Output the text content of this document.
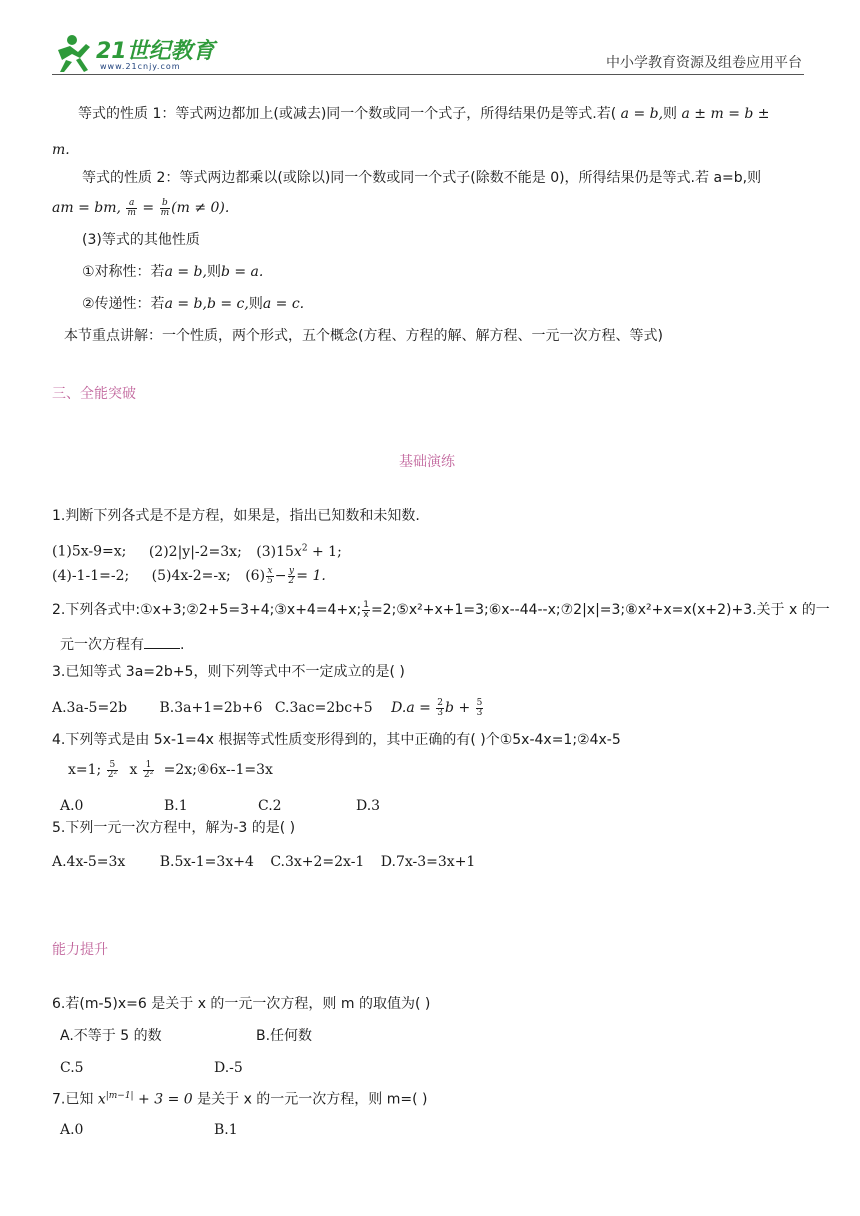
21世纪教育
www.21cnjy.com	中小学教育资源及组卷应用平台
等式的性质 1：等式两边都加上(或减去)同一个数或同一个式子，所得结果仍是等式.若( a = b,则 a ± m = b ±
m.
等式的性质 2：等式两边都乘以(或除以)同一个数或同一个式子(除数不能是 0)，所得结果仍是等式.若 a=b,则
am = bm, $\frac{a}{m} = \frac{b}{m} (m \ne 0)$.
(3)等式的其他性质
①对称性：若a = b,则b = a.
②传递性：若a = b,b = c,则a = c.
本节重点讲解：一个性质，两个形式，五个概念(方程、方程的解、解方程、一元一次方程、等式)
三、全能突破
基础演练
1.判断下列各式是不是方程，如果是，指出已知数和未知数.
(1)5x-9=x; (2)2|y|-2=3x; $(3)15x^2 + 1$;
(4)-1-1=-2; (5)4x-2=-x; $(6) \frac{x}{5} - \frac{y}{2} = 1$.
2.下列各式中:①x+3;②2+5=3+4;③x+4=4+x; $\frac{1}{x}$ =2;⑤x²+x+1=3;⑥x--44--x;⑦2|x|=3;⑧x²+x=x(x+2)+3.关于 x 的一
元一次方程有	.
3.已知等式 3a=2b+5，则下列等式中不一定成立的是( )
A.3a-5=2b B.3a+1=2b+6 C.3ac=2bc+5 $D.a = \frac{2}{3}$ $b + \frac{5}{3}$
4.下列等式是由 5x-1=4x 根据等式性质变形得到的，其中正确的有( )个①5x-4x=1;②4x-5
x=1; $\frac{5}{\text{2²}}$ x $\frac{1}{\text{2²}}$ =2x;④6x--1=3x
A.0	B.1	C.2	D.3
5.下列一元一次方程中，解为-3 的是( )
A.4x-5=3x B.5x-1=3x+4 C.3x+2=2x-1 D.7x-3=3x+1
能力提升
6.若(m-5)x=6 是关于 x 的一元一次方程，则 m 的取值为( )
A.不等于 5 的数	B.任何数
C.5	D.-5
7.已知 $x^{|m-1|} + 3 = 0$ 是关于 x 的一元一次方程，则 m=( )
A.0	B.1
